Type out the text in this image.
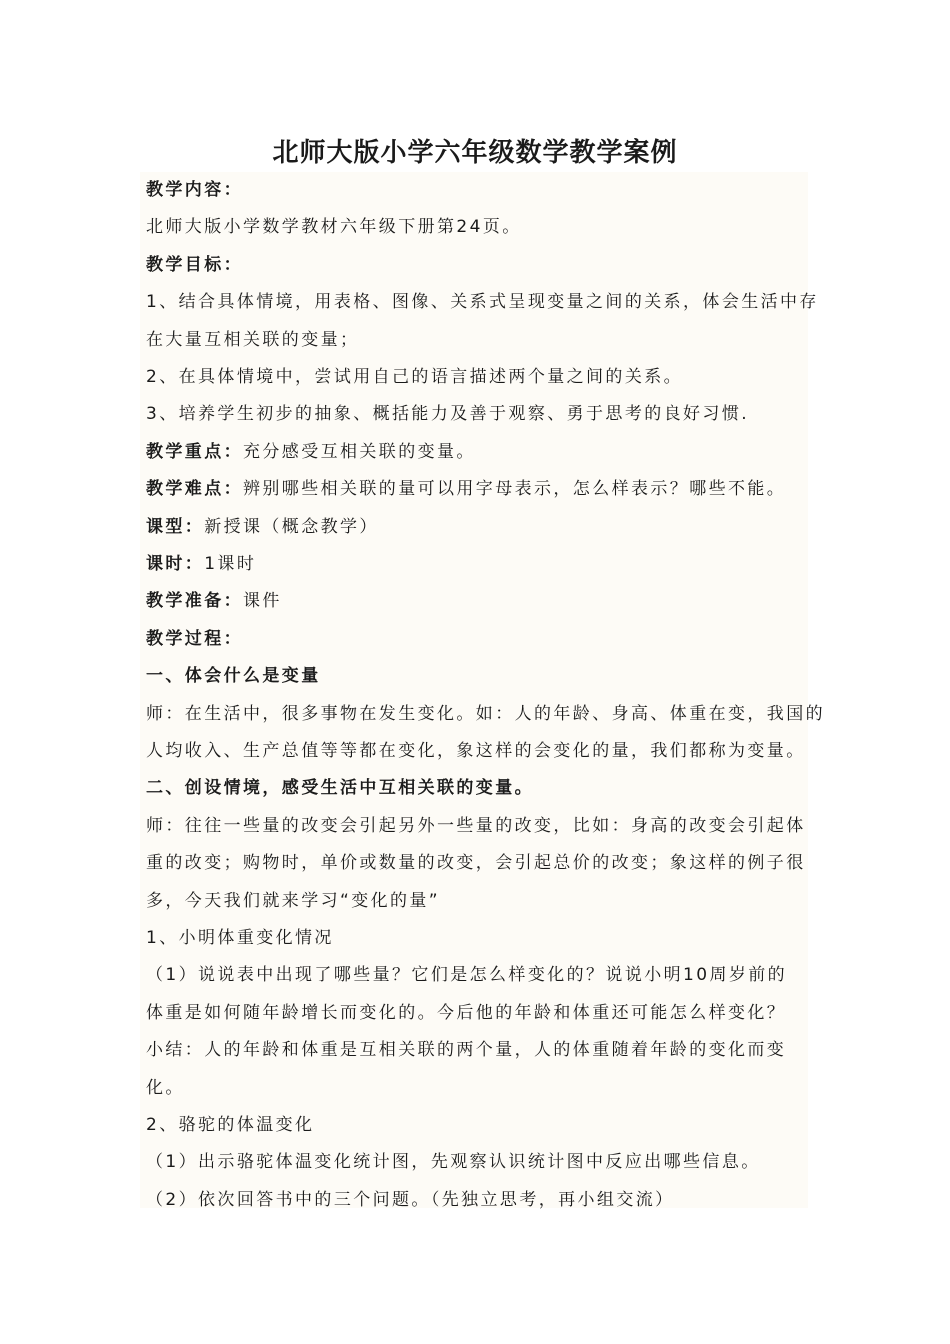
北师大版小学六年级数学教学案例
教学内容：
北师大版小学数学教材六年级下册第24页。
教学目标：
1、结合具体情境，用表格、图像、关系式呈现变量之间的关系，体会生活中存
在大量互相关联的变量；
2、在具体情境中，尝试用自己的语言描述两个量之间的关系。
3、培养学生初步的抽象、概括能力及善于观察、勇于思考的良好习惯.
教学重点：充分感受互相关联的变量。
教学难点：辨别哪些相关联的量可以用字母表示，怎么样表示？哪些不能。
课型：新授课（概念教学）
课时：1课时
教学准备：课件
教学过程：
一、体会什么是变量
师：在生活中，很多事物在发生变化。如：人的年龄、身高、体重在变，我国的
人均收入、生产总值等等都在变化，象这样的会变化的量，我们都称为变量。
二、创设情境，感受生活中互相关联的变量。
师：往往一些量的改变会引起另外一些量的改变，比如：身高的改变会引起体
重的改变；购物时，单价或数量的改变，会引起总价的改变；象这样的例子很
多，今天我们就来学习“变化的量”
1、小明体重变化情况
（1）说说表中出现了哪些量？它们是怎么样变化的？说说小明10周岁前的
体重是如何随年龄增长而变化的。今后他的年龄和体重还可能怎么样变化？
小结：人的年龄和体重是互相关联的两个量，人的体重随着年龄的变化而变
化。
2、骆驼的体温变化
（1）出示骆驼体温变化统计图，先观察认识统计图中反应出哪些信息。
（2）依次回答书中的三个问题。（先独立思考，再小组交流）
